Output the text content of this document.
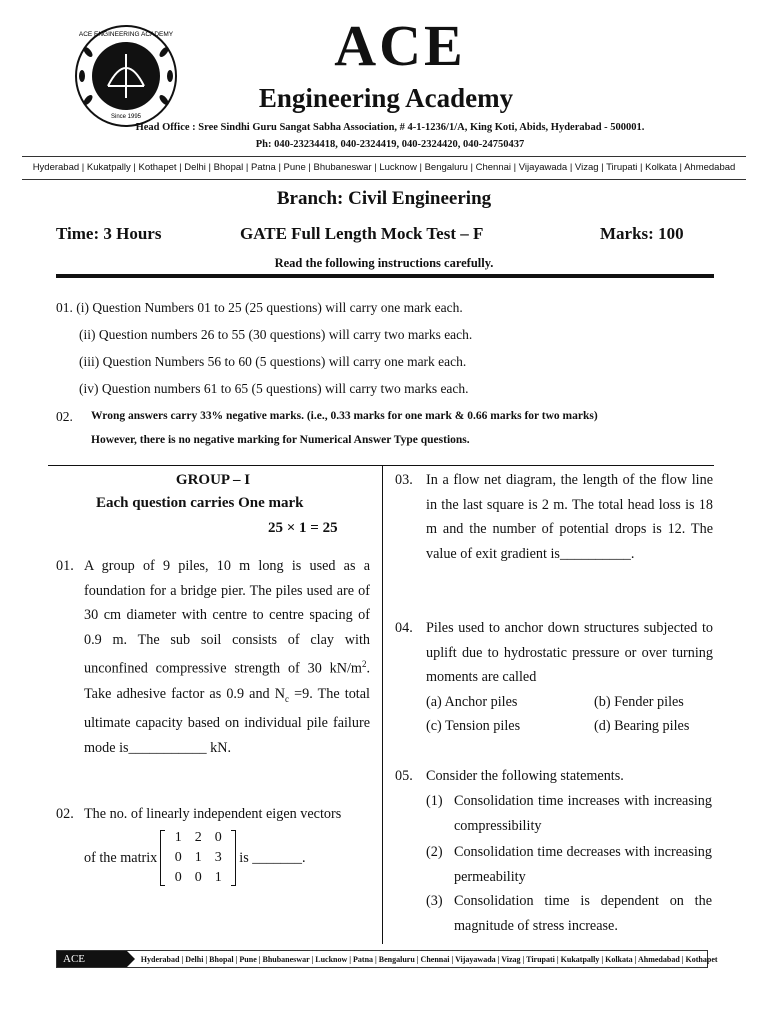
ACE ENGINEERING ACADEMY
Since 1995
ACE
Engineering Academy
Head Office : Sree Sindhi Guru Sangat Sabha Association, # 4-1-1236/1/A, King Koti, Abids, Hyderabad - 500001.
Ph: 040-23234418, 040-2324419, 040-2324420, 040-24750437
Hyderabad | Kukatpally | Kothapet | Delhi | Bhopal | Patna | Pune | Bhubaneswar | Lucknow | Bengaluru | Chennai | Vijayawada | Vizag | Tirupati | Kolkata | Ahmedabad
Branch: Civil Engineering
Time: 3 Hours	GATE Full Length Mock Test – F	Marks: 100
Read the following instructions carefully.
01. (i) Question Numbers 01 to 25 (25 questions) will carry one mark each.
(ii) Question numbers 26 to 55 (30 questions) will carry two marks each.
(iii) Question Numbers 56 to 60 (5 questions) will carry one mark each.
(iv) Question numbers 61 to 65 (5 questions) will carry two marks each.
02. Wrong answers carry 33% negative marks. (i.e., 0.33 marks for one mark & 0.66 marks for two marks)
However, there is no negative marking for Numerical Answer Type questions.
GROUP – I
Each question carries One mark
25 × 1 = 25
01. A group of 9 piles, 10 m long is used as a foundation for a bridge pier. The piles used are of 30 cm diameter with centre to centre spacing of 0.9 m. The sub soil consists of clay with unconfined compressive strength of 30 $kN/m^2$. Take adhesive factor as 0.9 and $N_c =9$. The total ultimate capacity based on individual pile failure mode is___________ kN.
02. The no. of linearly independent eigen vectors
of the matrix
1 2 0
0 1 3
0 0 1
is _______.
03. In a flow net diagram, the length of the flow line in the last square is 2 m. The total head loss is 18 m and the number of potential drops is 12. The value of exit gradient is__________.
04. Piles used to anchor down structures subjected to uplift due to hydrostatic pressure or over turning moments are called
(a) Anchor piles	(b) Fender piles
(c) Tension piles	(d) Bearing piles
05. Consider the following statements.
(1) Consolidation time increases with increasing compressibility
(2) Consolidation time decreases with increasing permeability
(3) Consolidation time is dependent on the magnitude of stress increase.
ACE Engineering Academy
Hyderabad | Delhi | Bhopal | Pune | Bhubaneswar | Lucknow | Patna | Bengaluru | Chennai | Vijayawada | Vizag | Tirupati | Kukatpally | Kolkata | Ahmedabad | Kothapet
